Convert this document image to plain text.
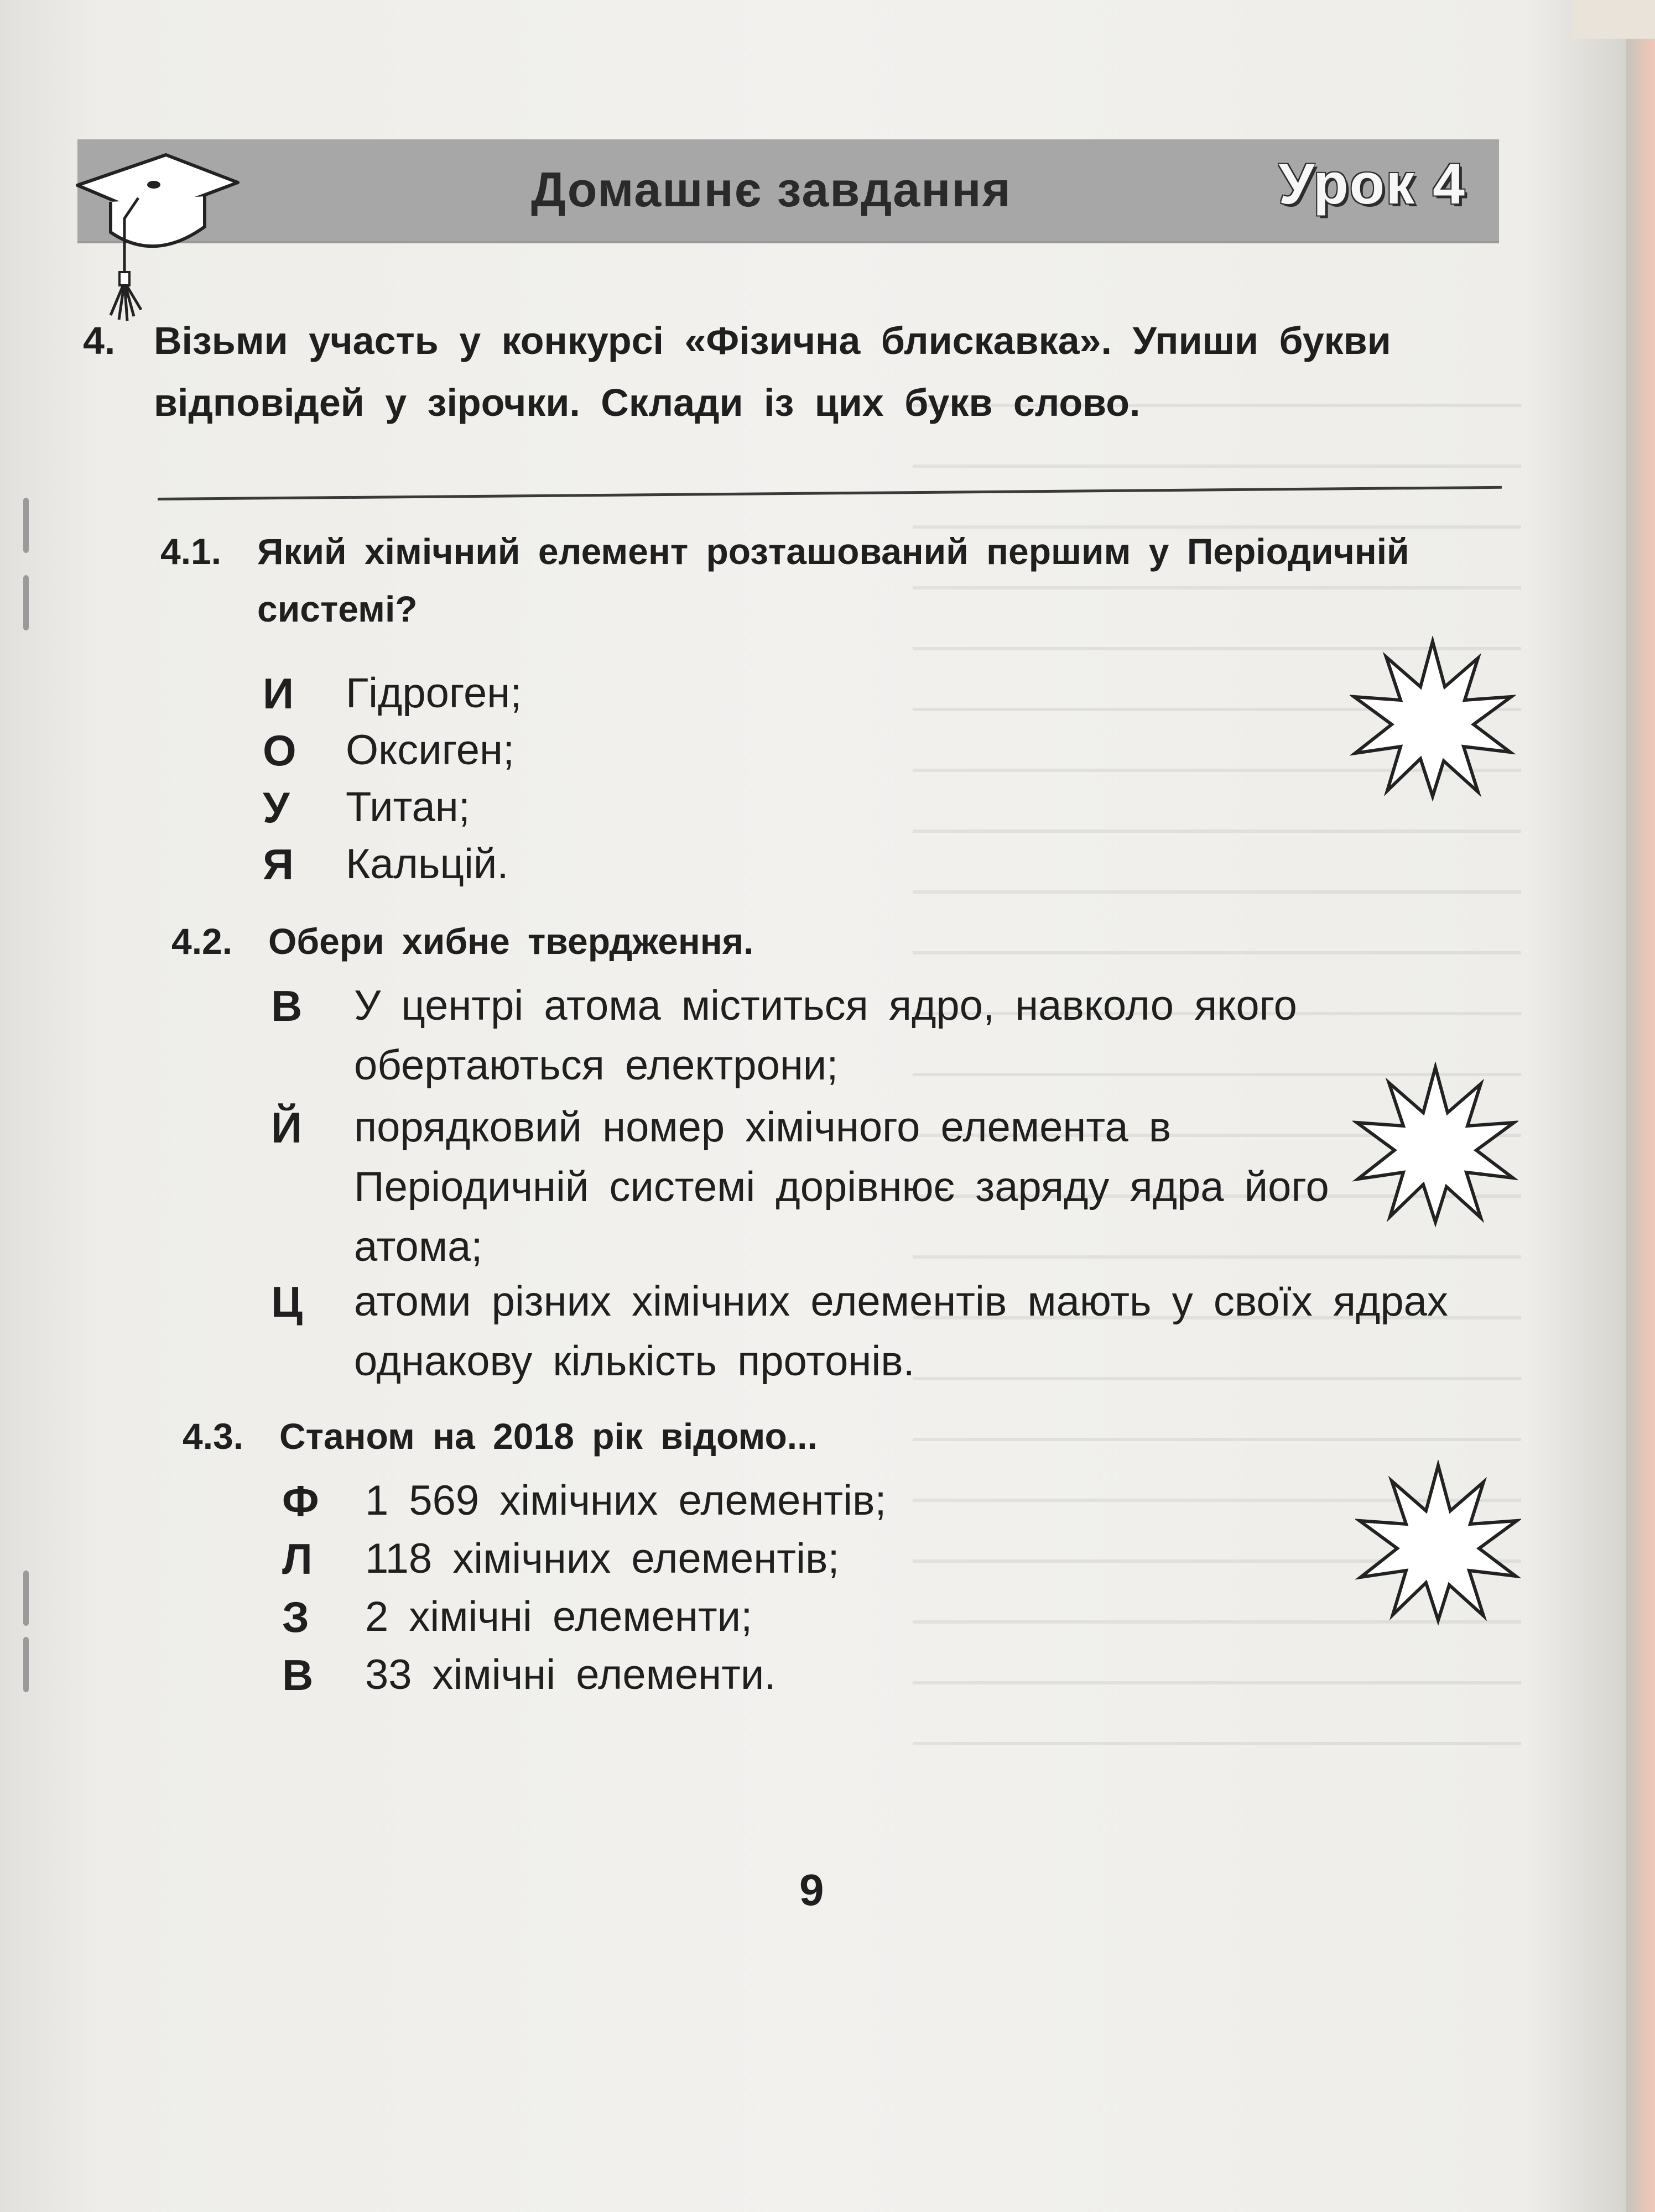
Домашнє завдання	Урок 4
4. Візьми участь у конкурсі «Фізична блискавка». Упиши букви відповідей у зірочки. Склади із цих букв слово.
4.1. Який хімічний елемент розташований першим у Періодичній системі?
И Гідроген;
О Оксиген;
У Титан;
Я Кальцій.
4.2. Обери хибне твердження.
В У центрі атома міститься ядро, навколо якого обертаються електрони;
Й порядковий номер хімічного елемента в Періодичній системі дорівнює заряду ядра його атома;
Ц атоми різних хімічних елементів мають у своїх ядрах однакову кількість протонів.
4.3. Станом на 2018 рік відомо...
Ф 1 569 хімічних елементів;
Л 118 хімічних елементів;
З 2 хімічні елементи;
В 33 хімічні елементи.
9
